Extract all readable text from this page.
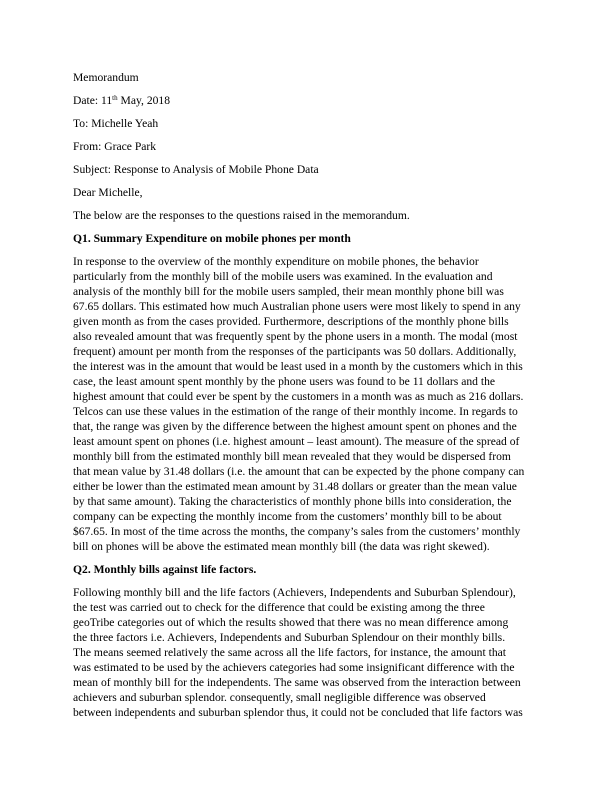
Memorandum
Date: 11th May, 2018
To: Michelle Yeah
From: Grace Park
Subject: Response to Analysis of Mobile Phone Data
Dear Michelle,
The below are the responses to the questions raised in the memorandum.
Q1. Summary Expenditure on mobile phones per month
In response to the overview of the monthly expenditure on mobile phones, the behavior
particularly from the monthly bill of the mobile users was examined. In the evaluation and
analysis of the monthly bill for the mobile users sampled, their mean monthly phone bill was
67.65 dollars. This estimated how much Australian phone users were most likely to spend in any
given month as from the cases provided. Furthermore, descriptions of the monthly phone bills
also revealed amount that was frequently spent by the phone users in a month. The modal (most
frequent) amount per month from the responses of the participants was 50 dollars. Additionally,
the interest was in the amount that would be least used in a month by the customers which in this
case, the least amount spent monthly by the phone users was found to be 11 dollars and the
highest amount that could ever be spent by the customers in a month was as much as 216 dollars.
Telcos can use these values in the estimation of the range of their monthly income. In regards to
that, the range was given by the difference between the highest amount spent on phones and the
least amount spent on phones (i.e. highest amount – least amount). The measure of the spread of
monthly bill from the estimated monthly bill mean revealed that they would be dispersed from
that mean value by 31.48 dollars (i.e. the amount that can be expected by the phone company can
either be lower than the estimated mean amount by 31.48 dollars or greater than the mean value
by that same amount). Taking the characteristics of monthly phone bills into consideration, the
company can be expecting the monthly income from the customers’ monthly bill to be about
$67.65. In most of the time across the months, the company’s sales from the customers’ monthly
bill on phones will be above the estimated mean monthly bill (the data was right skewed).
Q2. Monthly bills against life factors.
Following monthly bill and the life factors (Achievers, Independents and Suburban Splendour),
the test was carried out to check for the difference that could be existing among the three
geoTribe categories out of which the results showed that there was no mean difference among
the three factors i.e. Achievers, Independents and Suburban Splendour on their monthly bills.
The means seemed relatively the same across all the life factors, for instance, the amount that
was estimated to be used by the achievers categories had some insignificant difference with the
mean of monthly bill for the independents. The same was observed from the interaction between
achievers and suburban splendor. consequently, small negligible difference was observed
between independents and suburban splendor thus, it could not be concluded that life factors was
